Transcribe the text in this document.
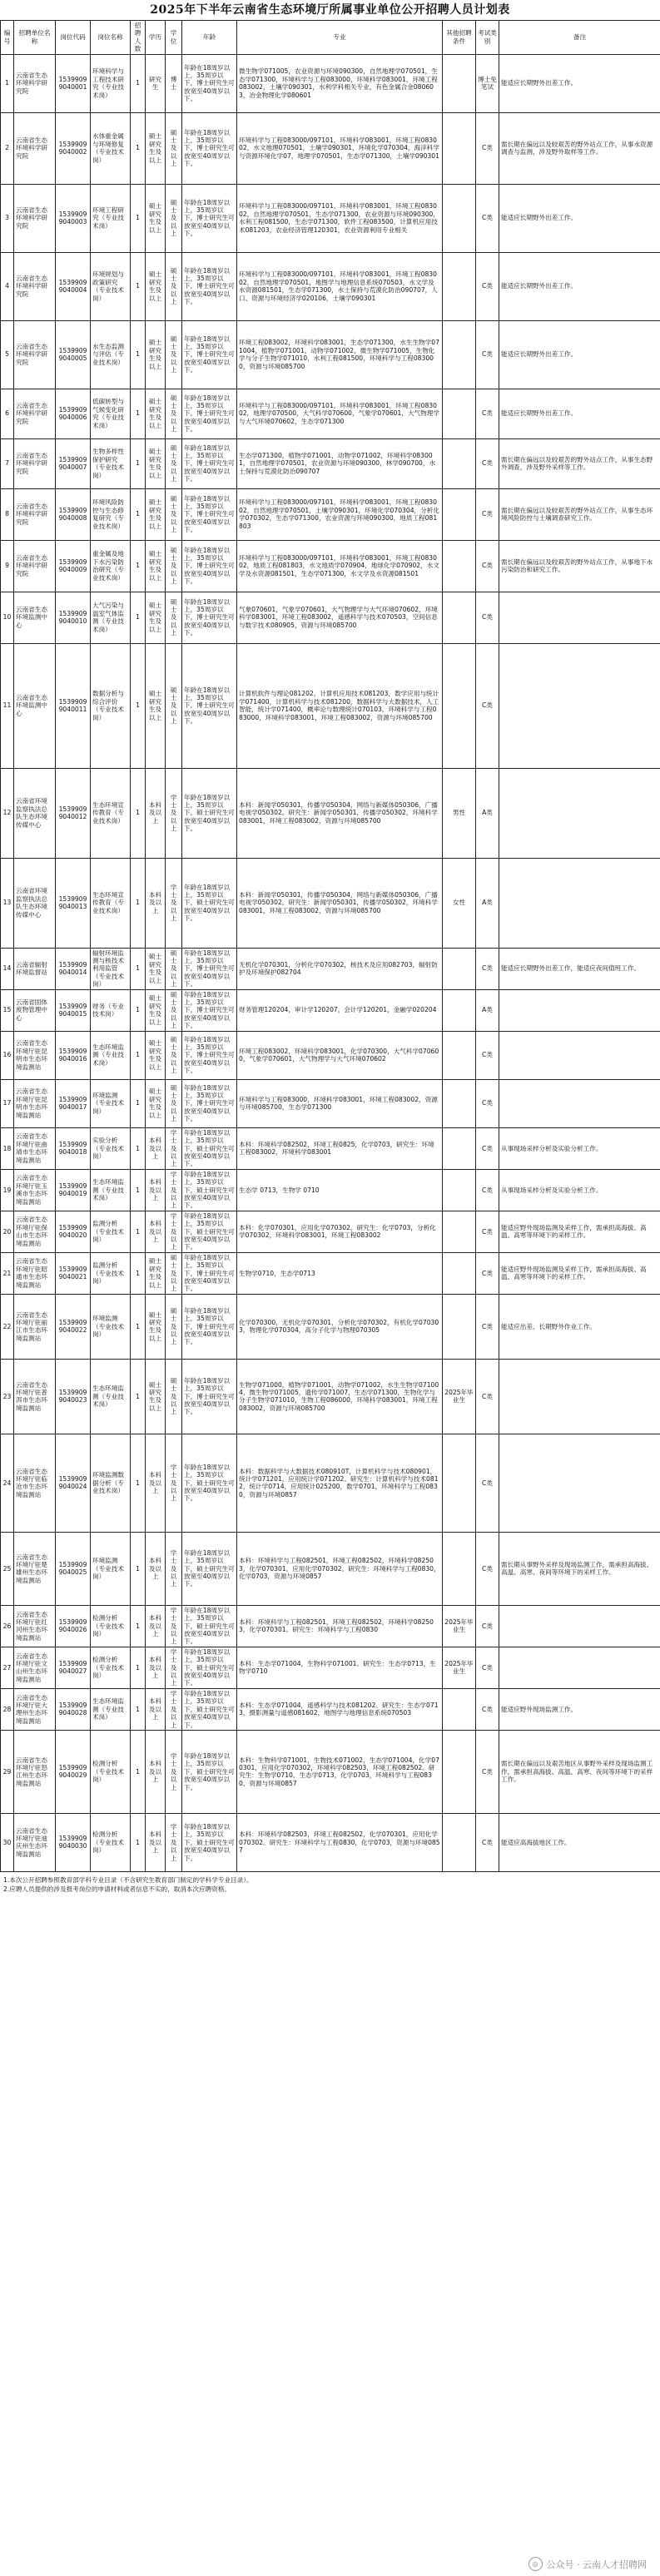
2025年下半年云南省生态环境厅所属事业单位公开招聘人员计划表
编号	招聘单位名称	岗位代码	岗位名称	招聘人数	学历	学位	年龄	专业	其他招聘条件	考试类别	备注
1	云南省生态环境科学研究院	15399099040001	环境科学与工程技术研究（专业技术岗）	1	研究生	博士	年龄在18周岁以上，35周岁以下，博士研究生可放宽至40周岁以下。	微生物学071005，农业资源与环境090300，自然地理学070501，生态学071300，环境科学与工程083000，环境科学083001，环境工程083002，土壤学090301，水利学科相关专业，有色金属合金080603，冶金物理化学080601		博士免笔试	能适应长期野外出差工作。
2	云南省生态环境科学研究院	15399099040002	水体重金属与环境修复（专业技术岗）	1	硕士研究生及以上	硕士及以上	年龄在18周岁以上，35周岁以下，博士研究生可放宽至40周岁以下。	环境科学与工程083000/097101，环境科学083001，环境工程083002，水文地理070501，土壤学090301，环境化学070304，海洋科学与资源环境化学07，地理学070501，生态学071300，土壤学090301		C类	需长期在偏远以及较艰苦的野外站点工作，从事水资源调查与监测，涉及野外取样等工作。
3	云南省生态环境科学研究院	15399099040003	环境工程研究（专业技术岗）	1	硕士研究生及以上	硕士及以上	年龄在18周岁以上，35周岁以下，博士研究生可放宽至40周岁以下。	环境科学与工程083000/097101，环境科学083001，环境工程083002，自然地理学070501，生态学071300，农业资源与环境090300，水利工程081500，生态学071300，软件工程083500，计算机应用技术081203，农业经济管理120301，农业资源利用专业相关		C类	能适应长期野外出差工作。
4	云南省生态环境科学研究院	15399099040004	环境规划与政策研究（专业技术岗）	1	硕士研究生及以上	硕士及以上	年龄在18周岁以上，35周岁以下，博士研究生可放宽至40周岁以下。	环境科学与工程083000/097101，环境科学083001，环境工程083002，自然地理学070501，地图学与地理信息系统070503，水文学及水资源081501，生态学071300，水土保持与荒漠化防治090707，人口、资源与环境经济学020106，土壤学090301		C类	能适应长期野外出差工作。
5	云南省生态环境科学研究院	15399099040005	水生态监测与评估（专业技术岗）	1	硕士研究生及以上	硕士及以上	年龄在18周岁以上，35周岁以下，博士研究生可放宽至40周岁以下。	环境工程083002，环境科学083001，生态学071300，水生生物学071004，植物学071001，动物学071002，微生物学071005，生物化学与分子生物学071010，水利工程081500，环境科学与工程083000，资源与环境085700		C类	能适应长期野外出差工作。
6	云南省生态环境科学研究院	15399099040006	低碳转型与气候变化研究（专业技术岗）	1	硕士研究生及以上	硕士及以上	年龄在18周岁以上，35周岁以下，博士研究生可放宽至40周岁以下。	环境科学与工程083000/097101，环境科学083001，环境工程083002，地理学070500，大气科学070600，气象学070601，大气物理学与大气环境070602，生态学071300		C类	能适应长期野外出差工作。
7	云南省生态环境科学研究院	15399099040007	生物多样性保护研究（专业技术岗）	1	硕士研究生及以上	硕士及以上	年龄在18周岁以上，35周岁以下，博士研究生可放宽至40周岁以下。	生态学071300，植物学071001，动物学071002，环境科学083001，自然地理学070501，农业资源与环境090300，林学090700，水土保持与荒漠化防治090707		C类	需长期在偏远以及较艰苦的野外站点工作，从事生态野外调查，涉及野外采样等工作。
8	云南省生态环境科学研究院	15399099040008	环境风险防控与生态修复研究（专业技术岗）	1	硕士研究生及以上	硕士及以上	年龄在18周岁以上，35周岁以下，博士研究生可放宽至40周岁以下。	环境科学与工程083000/097101，环境科学083001，环境工程083002，自然地理学070501，土壤学090301，环境化学070304，分析化学070302，生态学071300，农业资源与环境090300，地质工程081803		C类	需长期在偏远以及较艰苦的野外站点工作，从事生态环境风险防控与土壤调查研究工作。
9	云南省生态环境科学研究院	15399099040009	重金属及地下水污染防治研究（专业技术岗）	1	硕士研究生及以上	硕士及以上	年龄在18周岁以上，35周岁以下，博士研究生可放宽至40周岁以下。	环境科学与工程083000/097101，环境科学083001，环境工程083002，地质工程081803，水文地质学070904，地球化学070902，水文学及水资源081501，生态学071300，水文学及水资源081501		C类	需长期在偏远以及较艰苦的野外站点工作，从事地下水污染防治和研究工作。
10	云南省生态环境监测中心	15399099040010	大气污染与温室气体监测（专业技术岗）	1	硕士研究生及以上	硕士及以上	年龄在18周岁以上，35周岁以下，博士研究生可放宽至40周岁以下。	气象070601，气象学070601，大气物理学与大气环境070602，环境科学083001，环境工程083002，遥感科学与技术070503，空间信息与数字技术080905，资源与环境085700		C类	
11	云南省生态环境监测中心	15399099040011	数据分析与综合评价（专业技术岗）	1	硕士研究生及以上	硕士及以上	年龄在18周岁以上，35周岁以下，博士研究生可放宽至40周岁以下。	计算机软件与理论081202，计算机应用技术081203，数学应用与统计学071400，计算机科学与技术081200，数据科学与大数据技术，人工智能，统计学071400，概率论与数理统计070103，环境科学与工程083000，环境科学083001，环境工程083002，资源与环境085700		C类	
12	云南省环境监察执法总队生态环境传媒中心	15399099040012	生态环境宣传教育（专业技术岗）	1	本科及以上	学士及以上	年龄在18周岁以上，35周岁以下，硕士研究生可放宽至40周岁以下。	本科：新闻学050301，传播学050304，网络与新媒体050306，广播电视学050302。研究生：新闻学050301，传播学050302，环境科学083001，环境工程083002，资源与环境085700	男性	A类	
13	云南省环境监察执法总队生态环境传媒中心	15399099040013	生态环境宣传教育（专业技术岗）	1	本科及以上	学士及以上	年龄在18周岁以上，35周岁以下，硕士研究生可放宽至40周岁以下。	本科：新闻学050301，传播学050304，网络与新媒体050306，广播电视学050302。研究生：新闻学050301，传播学050302，环境科学083001，环境工程083002，资源与环境085700	女性	A类	
14	云南省辐射环境监督站	15399099040014	辐射环境监测与核技术利用监管（专业技术岗）	1	硕士研究生及以上	硕士及以上	年龄在18周岁以上，35周岁以下，博士研究生可放宽至40周岁以下。	无机化学070301，分析化学070302，核技术及应用082703，辐射防护及环境保护082704		C类	能适应长期野外出差工作，能适应夜间值班工作。
15	云南省固体废物管理中心	15399099040015	财务（专业技术岗）	1	硕士研究生及以上	硕士及以上	年龄在18周岁以上，35周岁以下，博士研究生可放宽至40周岁以下。	财务管理120204，审计学120207，会计学120201，金融学020204		A类	
16	云南省生态环境厅驻昆明市生态环境监测站	15399099040016	生态环境监测（专业技术岗）	1	硕士研究生及以上	硕士及以上	年龄在18周岁以上，35周岁以下，博士研究生可放宽至40周岁以下。	环境工程083002，环境科学083001，化学070300，大气科学070600，气象学070601，大气物理学与大气环境070602		C类	
17	云南省生态环境厅驻昆明市生态环境监测站	15399099040017	环境监测（专业技术岗）	1	硕士研究生及以上	硕士及以上	年龄在18周岁以上，35周岁以下，博士研究生可放宽至40周岁以下。	环境科学与工程083000，环境科学083001，环境工程083002，资源与环境085700，生态学071300		C类	
18	云南省生态环境厅驻曲靖市生态环境监测站	15399099040018	实验分析（专业技术岗）	1	本科及以上	学士及以上	年龄在18周岁以上，35周岁以下，硕士研究生可放宽至40周岁以下。	本科：环境科学082502，环境工程0825，化学0703，研究生：环境工程083002，环境科学083001		C类	从事现场采样分析及实验分析工作。
19	云南省生态环境厅驻玉溪市生态环境监测站	15399099040019	生态环境监测（专业技术岗）	1	本科及以上	学士及以上	年龄在18周岁以上，35周岁以下，硕士研究生可放宽至40周岁以下。	生态学 0713，生物学 0710		C类	从事现场采样分析及实验分析工作。
20	云南省生态环境厅驻保山市生态环境监测站	15399099040020	监测分析（专业技术岗）	1	本科及以上	学士及以上	年龄在18周岁以上，35周岁以下，硕士研究生可放宽至40周岁以下。	本科：化学070301，应用化学070302，研究生：化学0703，分析化学070302，环境科学083001，环境工程083002		C类	能适应野外现场监测及采样工作，需承担高海拔、高温、高寒等环境下的采样工作。
21	云南省生态环境厅驻昭通市生态环境监测站	15399099040021	监测分析（专业技术岗）	1	硕士研究生及以上	硕士及以上	年龄在18周岁以上，35周岁以下，博士研究生可放宽至40周岁以下。	生物学0710，生态学0713		C类	能适应野外现场监测及采样工作，需承担高海拔、高温、高寒等环境下的采样工作。
22	云南省生态环境厅驻丽江市生态环境监测站	15399099040022	环境监测（专业技术岗）	1	硕士研究生及以上	硕士及以上	年龄在18周岁以上，35周岁以下，博士研究生可放宽至40周岁以下。	化学070300，无机化学070301，分析化学070302，有机化学070303，物理化学070304，高分子化学与物理070305		C类	能适应出差、长期野外作业工作。
23	云南省生态环境厅驻普洱市生态环境监测站	15399099040023	生态环境监测（专业技术岗）	1	硕士研究生及以上	硕士及以上	年龄在18周岁以上，35周岁以下，博士研究生可放宽至40周岁以下。	生物学071000，植物学071001，动物学071002，水生生物学071004，微生物学071005，遗传学071007，生态学071300，生物化学与分子生物学071010，生物工程086000，环境科学083001，环境工程083002，资源与环境085700	2025年毕业生	C类	
24	云南省生态环境厅驻临沧市生态环境监测站	15399099040024	环境监测数据分析（专业技术岗）	1	本科及以上	学士及以上	年龄在18周岁以上，35周岁以下，硕士研究生可放宽至40周岁以下。	本科：数据科学与大数据技术080910T，计算机科学与技术080901，统计学071201，应用统计学071202。研究生：计算机科学与技术0812，统计学0714，应用统计025200，数学0701，环境科学与工程0830，资源与环境0857		C类	
25	云南省生态环境厅驻楚雄州生态环境监测站	15399099040025	环境监测（专业技术岗）	1	本科及以上	学士及以上	年龄在18周岁以上，35周岁以下，硕士研究生可放宽至40周岁以下。	本科：环境科学与工程082501，环境工程082502，环境科学082503，化学070301，应用化学070302。研究生：环境科学与工程0830，化学0703，资源与环境0857		C类	需长期从事野外采样及现场监测工作，需承担高海拔、高温、高寒、夜间等环境下的采样工作。
26	云南省生态环境厅驻红河州生态环境监测站	15399099040026	检测分析（专业技术岗）	1	本科及以上	学士及以上	年龄在18周岁以上，35周岁以下，硕士研究生可放宽至40周岁以下。	本科：环境科学与工程082501，环境工程082502，环境科学082503，化学070301。研究生：环境科学与工程0830	2025年毕业生	C类	
27	云南省生态环境厅驻文山州生态环境监测站	15399099040027	检测分析（专业技术岗）	1	本科及以上	学士及以上	年龄在18周岁以上，35周岁以下，硕士研究生可放宽至40周岁以下。	本科：生态学071004，生物科学071001。研究生：生态学0713，生物学0710	2025年毕业生	C类	
28	云南省生态环境厅驻大理州生态环境监测站	15399099040028	生态环境监测（专业技术岗）	1	本科及以上	学士及以上	年龄在18周岁以上，35周岁以下，硕士研究生可放宽至40周岁以下。	本科：生态学071004，遥感科学与技术081202。研究生：生态学0713，摄影测量与遥感081602，地图学与地理信息系统070503		C类	能适应野外现场监测工作。
29	云南省生态环境厅驻怒江州生态环境监测站	15399099040029	检测分析（专业技术岗）	1	本科及以上	学士及以上	年龄在18周岁以上，35周岁以下，硕士研究生可放宽至40周岁以下。	本科：生物科学071001，生物技术071002，生态学071004，化学070301，应用化学070302，环境科学082503，环境工程082502。研究生：生物学0710，生态学0713，化学0703，环境科学与工程0830，资源与环境0857		C类	需长期在偏远以及艰苦地区从事野外采样及现场监测工作，需承担高海拔、高温、高寒、夜间等环境下的采样工作。
30	云南省生态环境厅驻迪庆州生态环境监测站	15399099040030	检测分析（专业技术岗）	1	本科及以上	学士及以上	年龄在18周岁以上，35周岁以下，硕士研究生可放宽至40周岁以下。	本科：环境科学082503，环境工程082502，化学070301，应用化学070302。研究生：环境科学与工程0830，化学0703，资源与环境0857		C类	能适应高海拔地区工作。
1.本次公开招聘参照教育部学科专业目录（不含研究生教育部门制定的学科学专业目录）。
2.应聘人员提供的涉及报考岗位的申请材料或者信息不实的，取消本次应聘资格。
◎ 公众号 · 云南人才招聘网
